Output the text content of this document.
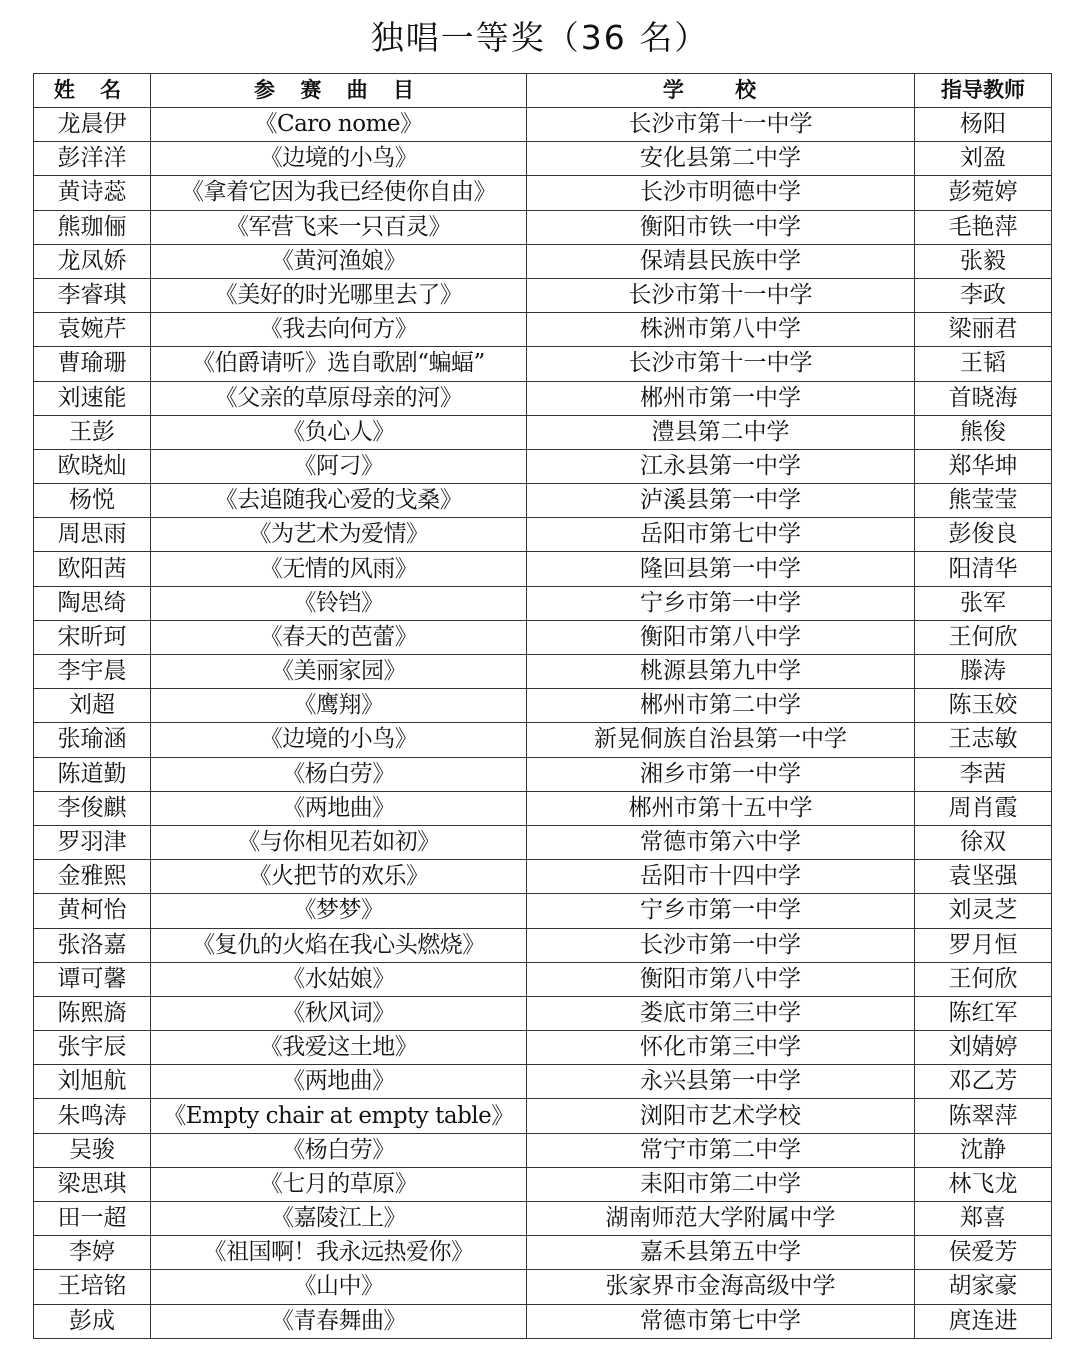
独唱一等奖（36 名）
姓 名	参 赛 曲 目	学 校	指导教师
龙晨伊	《Caro nome》	长沙市第十一中学	杨阳
彭洋洋	《边境的小鸟》	安化县第二中学	刘盈
黄诗蕊	《拿着它因为我已经使你自由》	长沙市明德中学	彭菀婷
熊珈俪	《军营飞来一只百灵》	衡阳市铁一中学	毛艳萍
龙凤娇	《黄河渔娘》	保靖县民族中学	张毅
李睿琪	《美好的时光哪里去了》	长沙市第十一中学	李政
袁婉芹	《我去向何方》	株洲市第八中学	梁丽君
曹瑜珊	《伯爵请听》选自歌剧“蝙蝠”	长沙市第十一中学	王韬
刘速能	《父亲的草原母亲的河》	郴州市第一中学	首晓海
王彭	《负心人》	澧县第二中学	熊俊
欧晓灿	《阿刁》	江永县第一中学	郑华坤
杨悦	《去追随我心爱的戈桑》	泸溪县第一中学	熊莹莹
周思雨	《为艺术为爱情》	岳阳市第七中学	彭俊良
欧阳茜	《无情的风雨》	隆回县第一中学	阳清华
陶思绮	《铃铛》	宁乡市第一中学	张军
宋昕珂	《春天的芭蕾》	衡阳市第八中学	王何欣
李宇晨	《美丽家园》	桃源县第九中学	滕涛
刘超	《鹰翔》	郴州市第二中学	陈玉姣
张瑜涵	《边境的小鸟》	新晃侗族自治县第一中学	王志敏
陈道勤	《杨白劳》	湘乡市第一中学	李茜
李俊麒	《两地曲》	郴州市第十五中学	周肖霞
罗羽津	《与你相见若如初》	常德市第六中学	徐双
金雅熙	《火把节的欢乐》	岳阳市十四中学	袁坚强
黄柯怡	《梦梦》	宁乡市第一中学	刘灵芝
张洛嘉	《复仇的火焰在我心头燃烧》	长沙市第一中学	罗月恒
谭可馨	《水姑娘》	衡阳市第八中学	王何欣
陈熙旖	《秋风词》	娄底市第三中学	陈红军
张宇辰	《我爱这土地》	怀化市第三中学	刘婧婷
刘旭航	《两地曲》	永兴县第一中学	邓乙芳
朱鸣涛	《Empty chair at empty table》	浏阳市艺术学校	陈翠萍
吴骏	《杨白劳》	常宁市第二中学	沈静
梁思琪	《七月的草原》	耒阳市第二中学	林飞龙
田一超	《嘉陵江上》	湖南师范大学附属中学	郑喜
李婷	《祖国啊！我永远热爱你》	嘉禾县第五中学	侯爱芳
王培铭	《山中》	张家界市金海高级中学	胡家豪
彭成	《青春舞曲》	常德市第七中学	庹连进
